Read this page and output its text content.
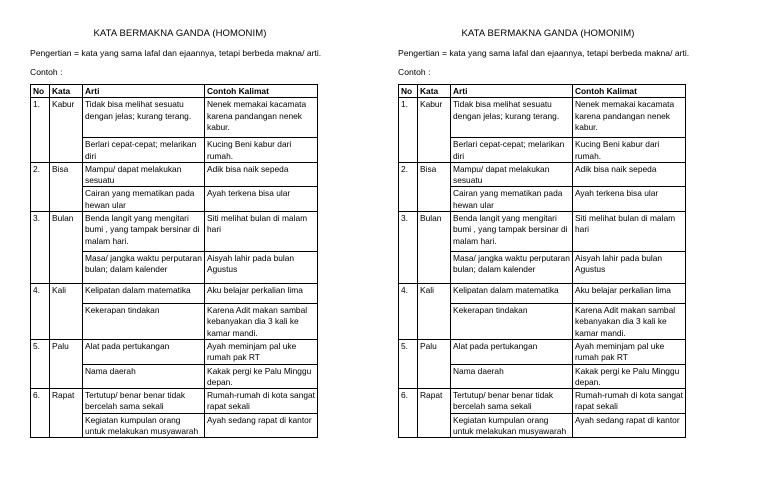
KATA BERMAKNA GANDA (HOMONIM)
Pengertian = kata yang sama lafal dan ejaannya, tetapi berbeda makna/ arti.
Contoh :
No	Kata	Arti	Contoh Kalimat
1.	Kabur	Tidak bisa melihat sesuatu dengan jelas; kurang terang.	Nenek memakai kacamata karena pandangan nenek kabur.
		Berlari cepat-cepat; melarikan diri	Kucing Beni kabur dari rumah.
2.	Bisa	Mampu/ dapat melakukan sesuatu	Adik bisa naik sepeda
		Cairan yang mematikan pada hewan ular	Ayah terkena bisa ular
3.	Bulan	Benda langit yang mengitari bumi , yang tampak bersinar di malam hari.	Siti melihat bulan di malam hari
		Masa/ jangka waktu perputaran bulan; dalam kalender	Aisyah lahir pada bulan Agustus
4.	Kali	Kelipatan dalam matematika	Aku belajar perkalian lima
		Kekerapan tindakan	Karena Adit makan sambal kebanyakan dia 3 kali ke kamar mandi.
5.	Palu	Alat pada pertukangan	Ayah meminjam pal uke rumah pak RT
		Nama daerah	Kakak pergi ke Palu Minggu depan.
6.	Rapat	Tertutup/ benar benar tidak bercelah sama sekali	Rumah-rumah di kota sangat rapat sekali
		Kegiatan kumpulan orang untuk melakukan musyawarah	Ayah sedang rapat di kantor
KATA BERMAKNA GANDA (HOMONIM)
Pengertian = kata yang sama lafal dan ejaannya, tetapi berbeda makna/ arti.
Contoh :
No	Kata	Arti	Contoh Kalimat
1.	Kabur	Tidak bisa melihat sesuatu dengan jelas; kurang terang.	Nenek memakai kacamata karena pandangan nenek kabur.
		Berlari cepat-cepat; melarikan diri	Kucing Beni kabur dari rumah.
2.	Bisa	Mampu/ dapat melakukan sesuatu	Adik bisa naik sepeda
		Cairan yang mematikan pada hewan ular	Ayah terkena bisa ular
3.	Bulan	Benda langit yang mengitari bumi , yang tampak bersinar di malam hari.	Siti melihat bulan di malam hari
		Masa/ jangka waktu perputaran bulan; dalam kalender	Aisyah lahir pada bulan Agustus
4.	Kali	Kelipatan dalam matematika	Aku belajar perkalian lima
		Kekerapan tindakan	Karena Adit makan sambal kebanyakan dia 3 kali ke kamar mandi.
5.	Palu	Alat pada pertukangan	Ayah meminjam pal uke rumah pak RT
		Nama daerah	Kakak pergi ke Palu Minggu depan.
6.	Rapat	Tertutup/ benar benar tidak bercelah sama sekali	Rumah-rumah di kota sangat rapat sekali
		Kegiatan kumpulan orang untuk melakukan musyawarah	Ayah sedang rapat di kantor
